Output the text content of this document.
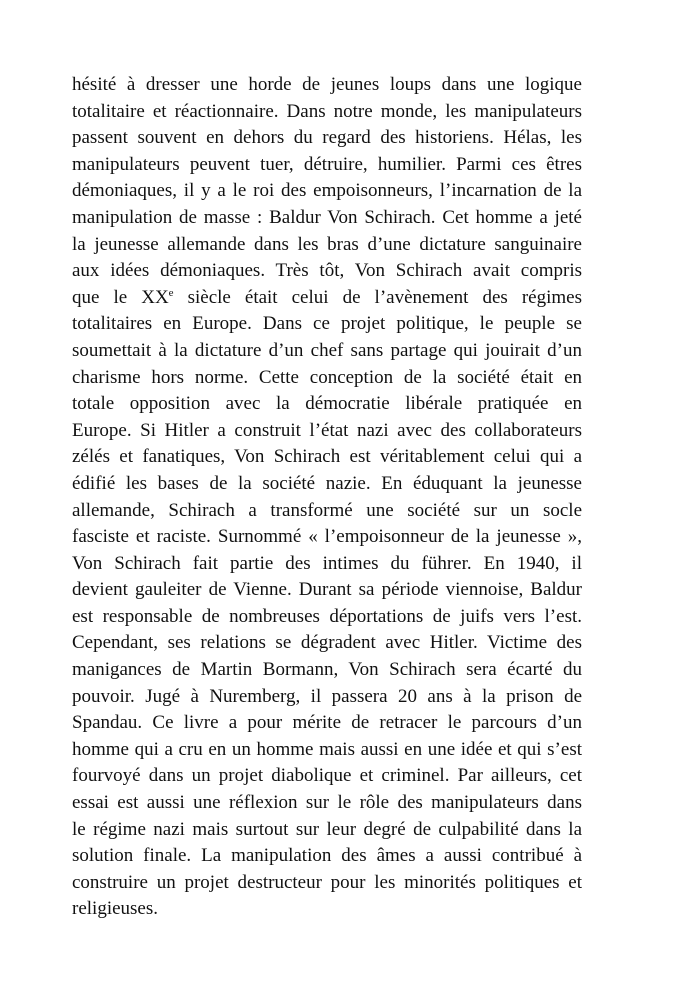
hésité à dresser une horde de jeunes loups dans une logique
totalitaire et réactionnaire. Dans notre monde, les manipulateurs
passent souvent en dehors du regard des historiens. Hélas, les
manipulateurs peuvent tuer, détruire, humilier. Parmi ces êtres
démoniaques, il y a le roi des empoisonneurs, l’incarnation de la
manipulation de masse : Baldur Von Schirach. Cet homme a jeté
la jeunesse allemande dans les bras d’une dictature sanguinaire
aux idées démoniaques. Très tôt, Von Schirach avait compris
que le XXe siècle était celui de l’avènement des régimes
totalitaires en Europe. Dans ce projet politique, le peuple se
soumettait à la dictature d’un chef sans partage qui jouirait d’un
charisme hors norme. Cette conception de la société était en
totale opposition avec la démocratie libérale pratiquée en
Europe. Si Hitler a construit l’état nazi avec des collaborateurs
zélés et fanatiques, Von Schirach est véritablement celui qui a
édifié les bases de la société nazie. En éduquant la jeunesse
allemande, Schirach a transformé une société sur un socle
fasciste et raciste. Surnommé « l’empoisonneur de la jeunesse »,
Von Schirach fait partie des intimes du führer. En 1940, il
devient gauleiter de Vienne. Durant sa période viennoise, Baldur
est responsable de nombreuses déportations de juifs vers l’est.
Cependant, ses relations se dégradent avec Hitler. Victime des
manigances de Martin Bormann, Von Schirach sera écarté du
pouvoir. Jugé à Nuremberg, il passera 20 ans à la prison de
Spandau. Ce livre a pour mérite de retracer le parcours d’un
homme qui a cru en un homme mais aussi en une idée et qui s’est
fourvoyé dans un projet diabolique et criminel. Par ailleurs, cet
essai est aussi une réflexion sur le rôle des manipulateurs dans
le régime nazi mais surtout sur leur degré de culpabilité dans la
solution finale. La manipulation des âmes a aussi contribué à
construire un projet destructeur pour les minorités politiques et
religieuses.
